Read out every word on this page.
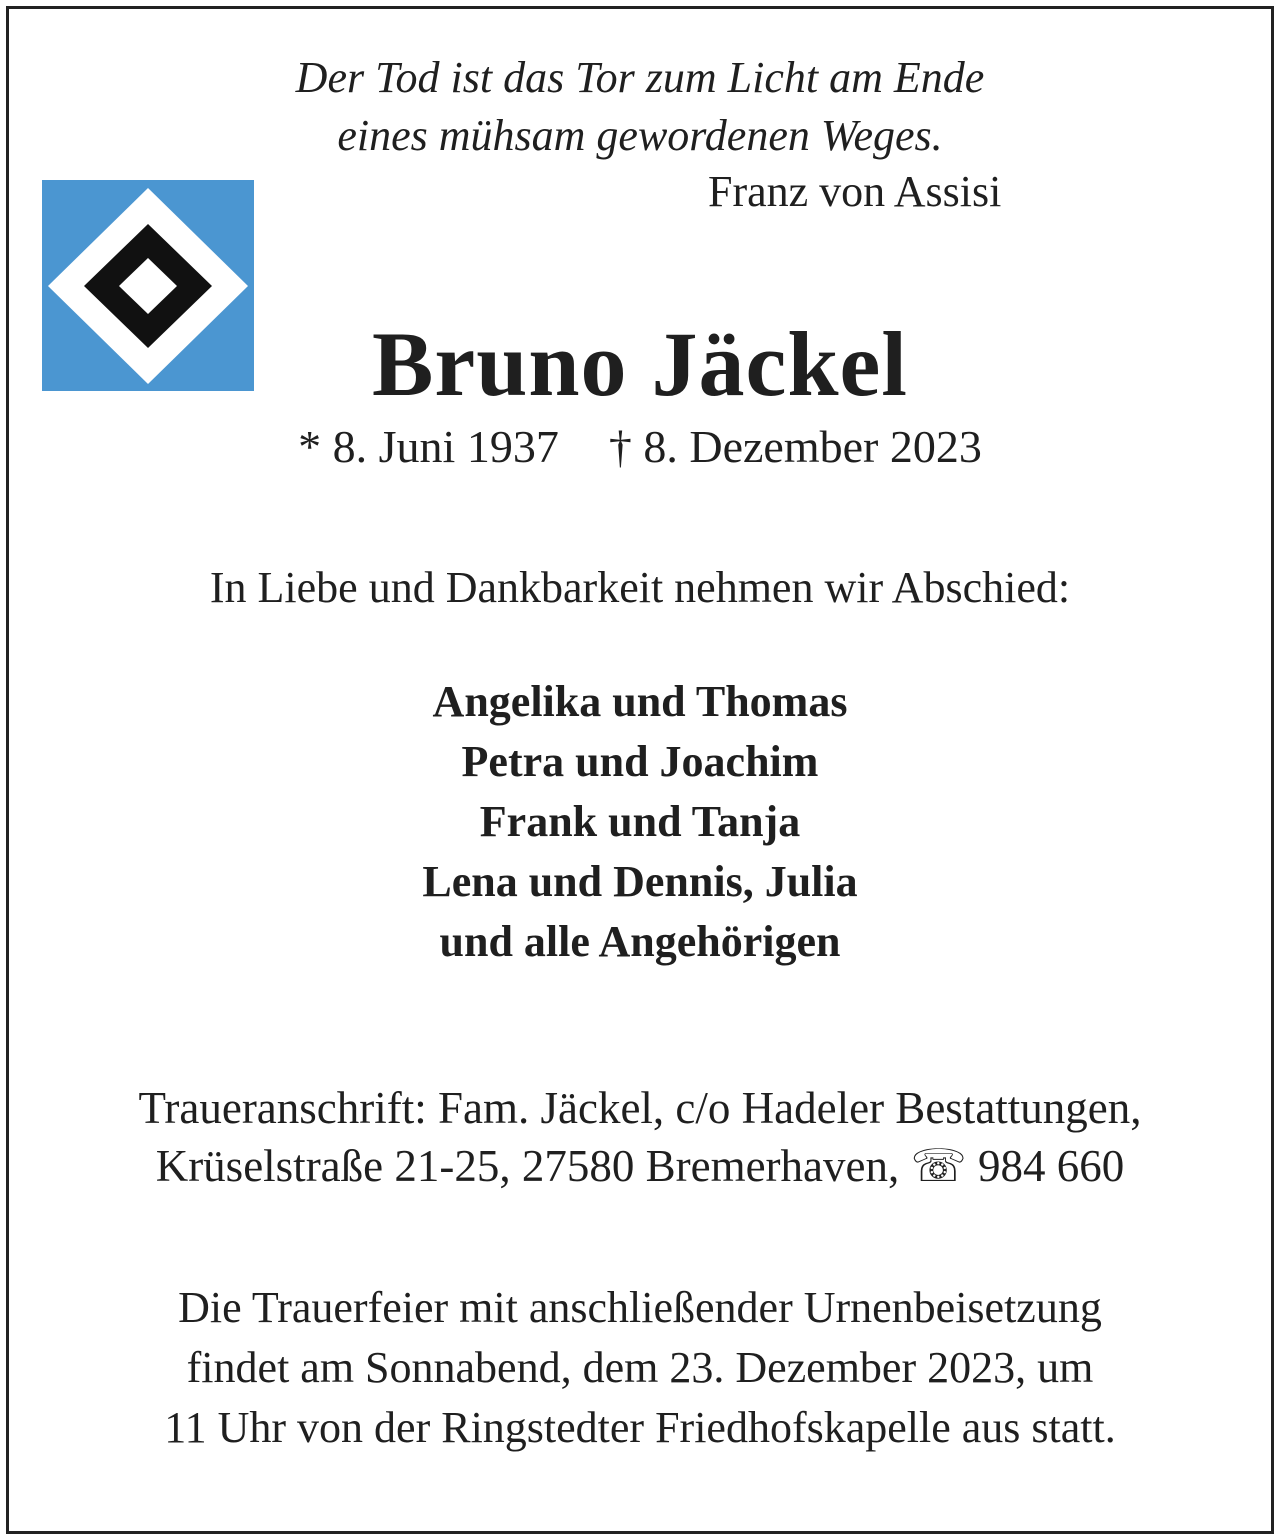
Der Tod ist das Tor zum Licht am Ende

eines mühsam gewordenen Weges.

Franz von Assisi

Bruno Jäckel

* 8. Juni 1937 † 8. Dezember 2023

In Liebe und Dankbarkeit nehmen wir Abschied:

Angelika und Thomas

Petra und Joachim

Frank und Tanja

Lena und Dennis, Julia

und alle Angehörigen

Traueranschrift: Fam. Jäckel, c/o Hadeler Bestattungen,

Krüselstraße 21-25, 27580 Bremerhaven, ☏ 984 660

Die Trauerfeier mit anschließender Urnenbeisetzung

findet am Sonnabend, dem 23. Dezember 2023, um

11 Uhr von der Ringstedter Friedhofskapelle aus statt.
